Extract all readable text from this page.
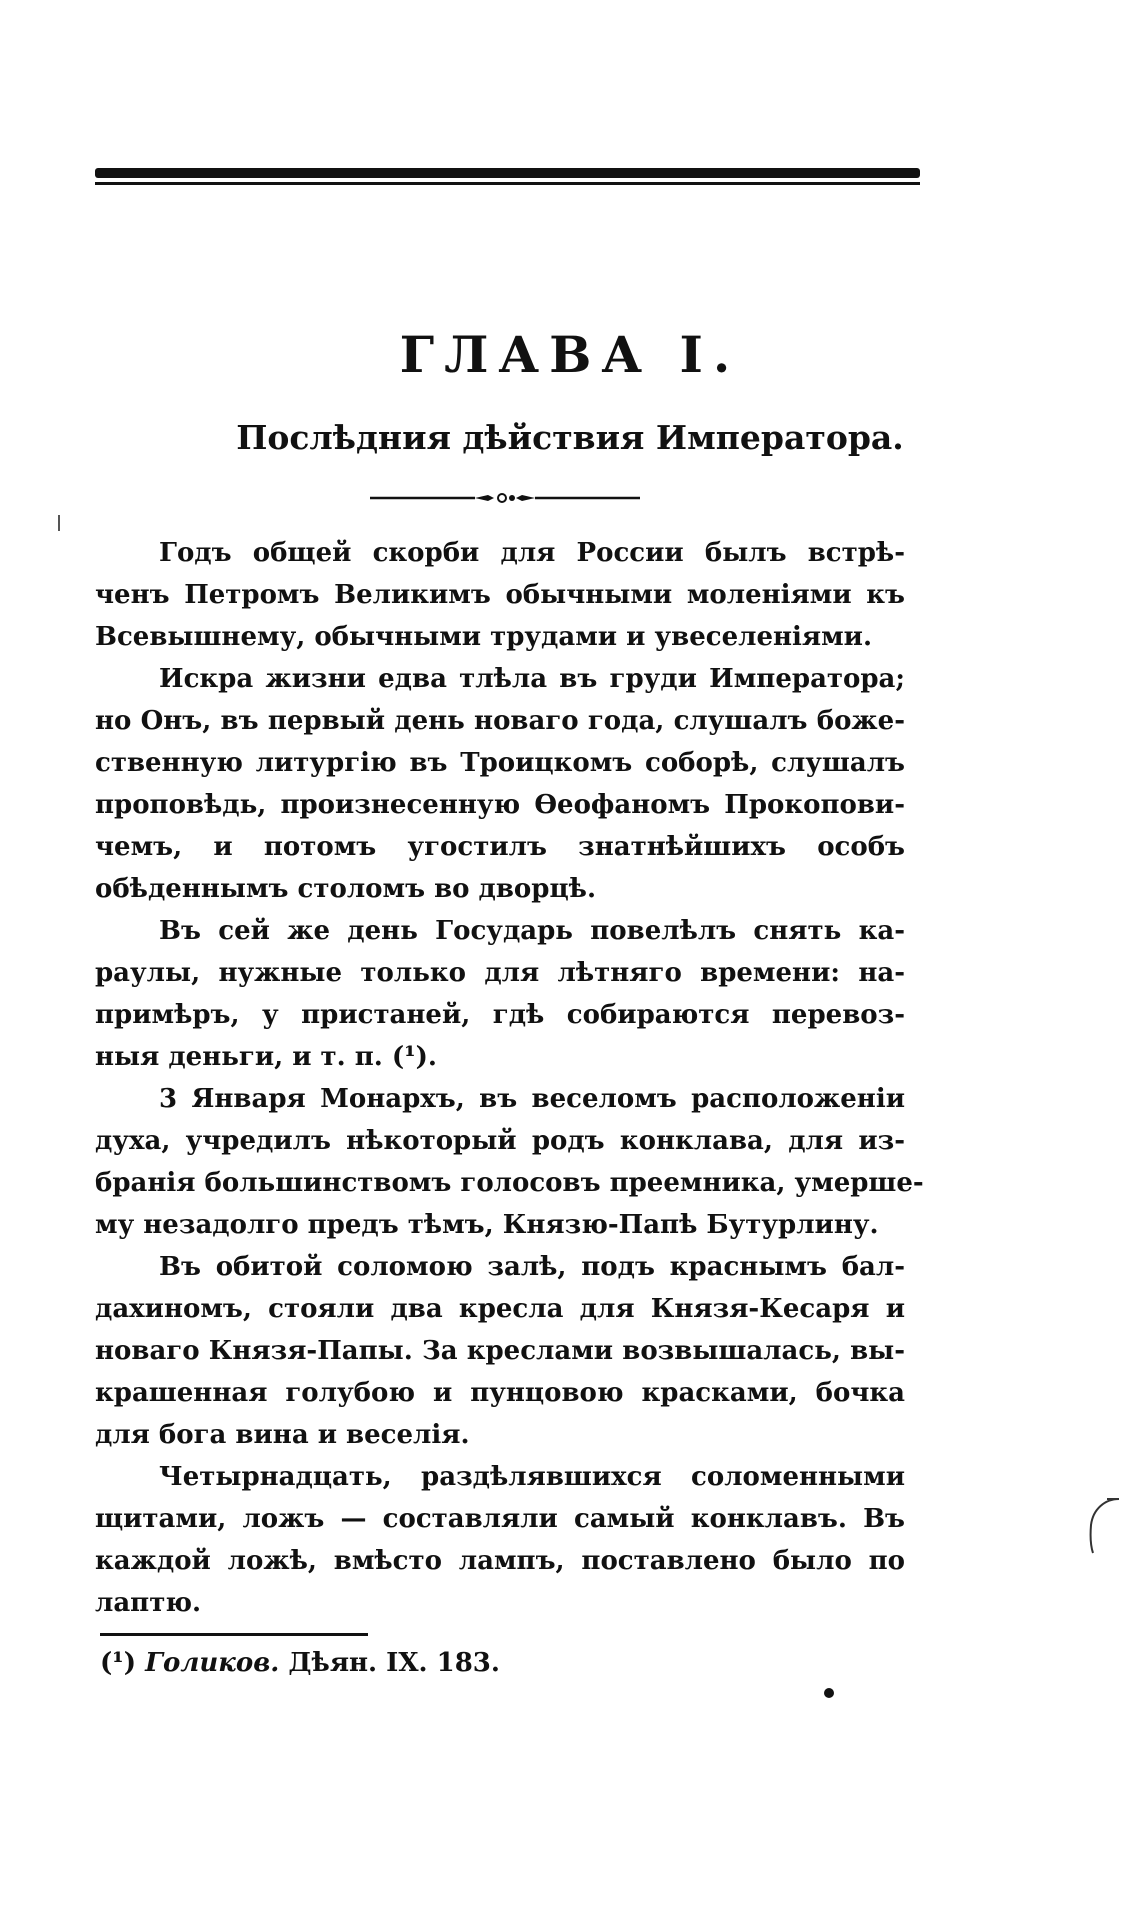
ГЛАВА I.
Послѣдния дѣйствия Императора.

Годъ общей скорби для России былъ встрѣ-

ченъ Петромъ Великимъ обычными моленiями къ

Всевышнему, обычными трудами и увеселенiями.

Искра жизни едва тлѣла въ груди Императора;

но Онъ, въ первый день новаго года, слушалъ боже-

ственную литургiю въ Троицкомъ соборѣ, слушалъ

проповѣдь, произнесенную Ѳеофаномъ Прокопови-

чемъ, и потомъ угостилъ знатнѣйшихъ особъ

обѣденнымъ столомъ во дворцѣ.

Въ сей же день Государь повелѣлъ снять ка-

раулы, нужные только для лѣтняго времени: на-

примѣръ, у пристаней, гдѣ собираются перевоз-

ныя деньги, и т. п. (¹).

3 Января Монархъ, въ веселомъ расположенiи

духа, учредилъ нѣкоторый родъ конклава, для из-

бранiя большинствомъ голосовъ преемника, умерше-

му незадолго предъ тѣмъ, Князю-Папѣ Бутурлину.

Въ обитой соломою залѣ, подъ краснымъ бал-

дахиномъ, стояли два кресла для Князя-Кесаря и

новаго Князя-Папы. За креслами возвышалась, вы-

крашенная голубою и пунцовою красками, бочка

для бога вина и веселiя.

Четырнадцать, раздѣлявшихся соломенными

щитами, ложъ — составляли самый конклавъ. Въ

каждой ложѣ, вмѣсто лампъ, поставлено было по

лаптю.

(¹) Голиков. Дѣян. IX. 183.
